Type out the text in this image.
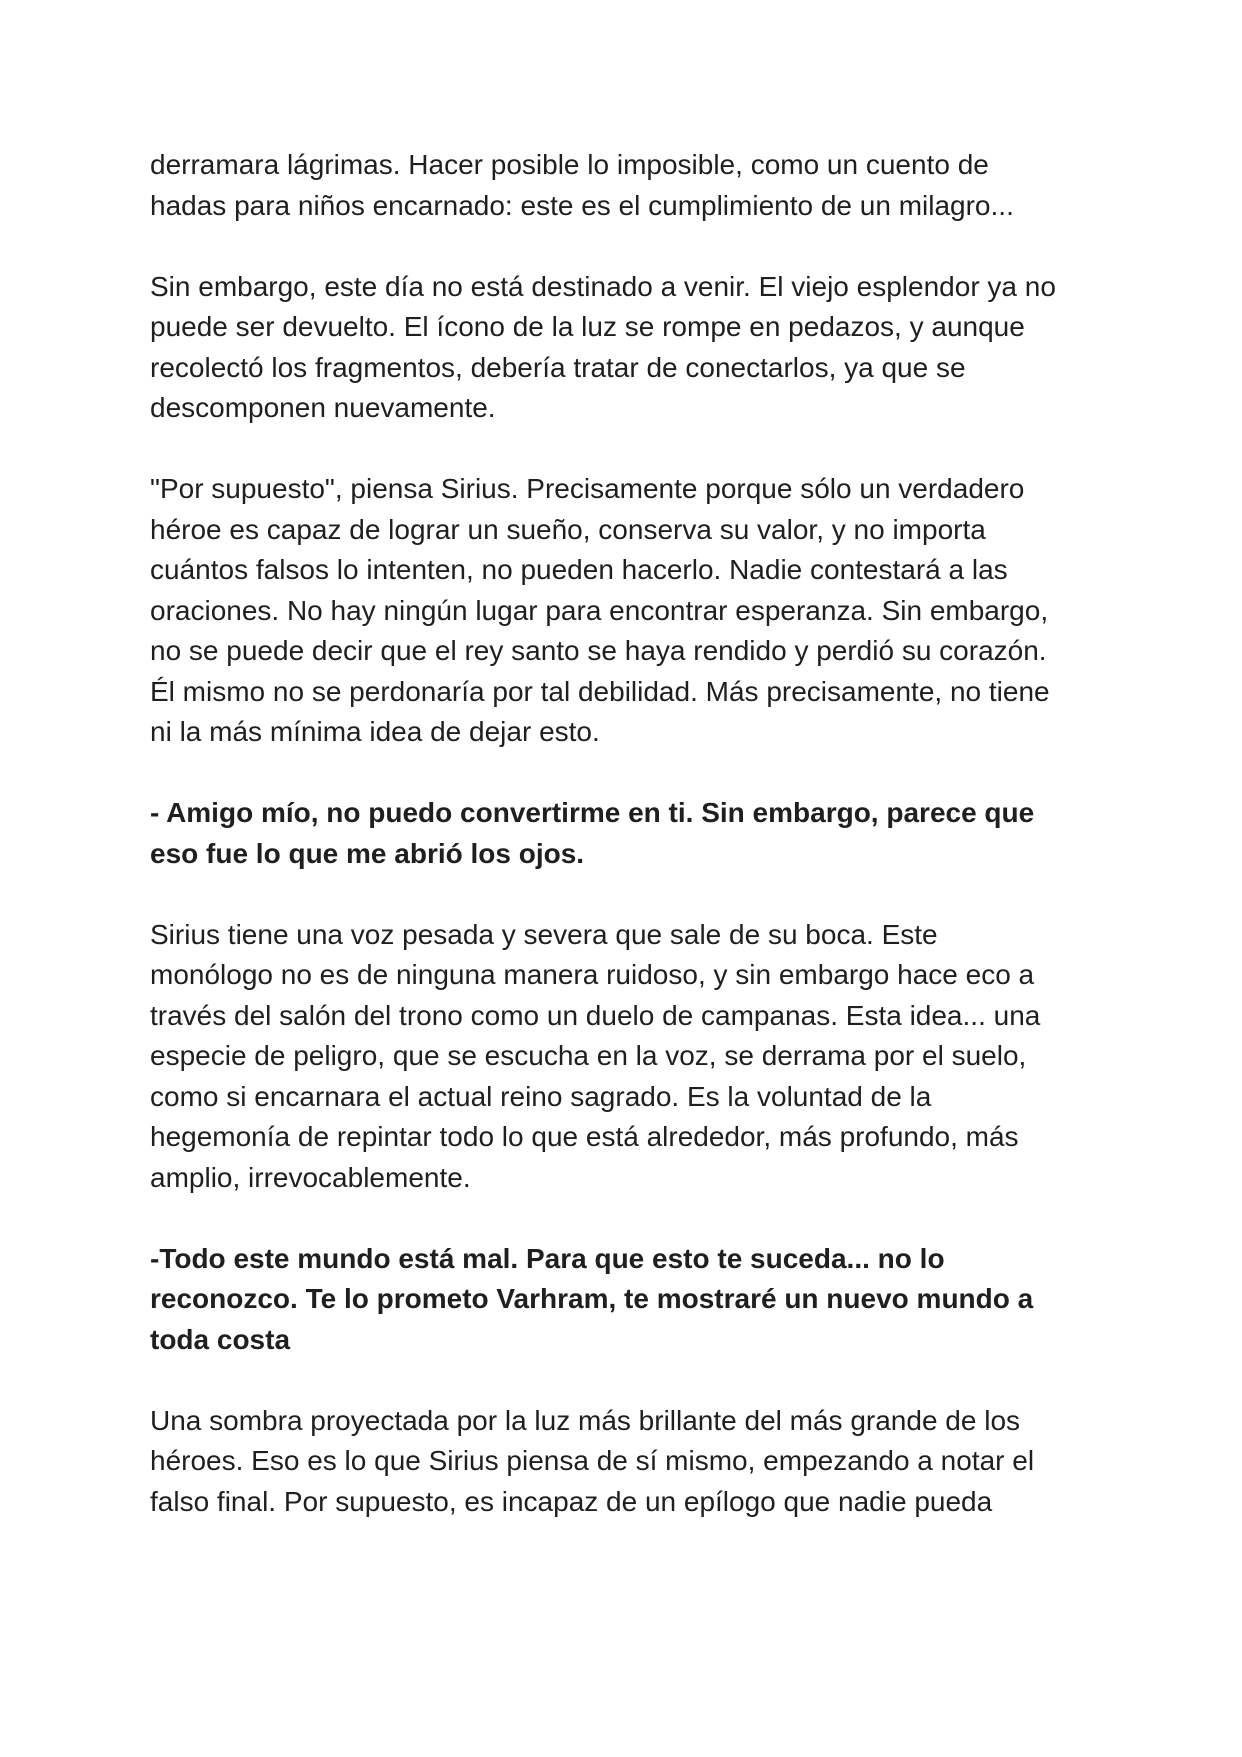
derramara lágrimas. Hacer posible lo imposible, como un cuento de
hadas para niños encarnado: este es el cumplimiento de un milagro...
Sin embargo, este día no está destinado a venir. El viejo esplendor ya no
puede ser devuelto. El ícono de la luz se rompe en pedazos, y aunque
recolectó los fragmentos, debería tratar de conectarlos, ya que se
descomponen nuevamente.
"Por supuesto", piensa Sirius. Precisamente porque sólo un verdadero
héroe es capaz de lograr un sueño, conserva su valor, y no importa
cuántos falsos lo intenten, no pueden hacerlo. Nadie contestará a las
oraciones. No hay ningún lugar para encontrar esperanza. Sin embargo,
no se puede decir que el rey santo se haya rendido y perdió su corazón.
Él mismo no se perdonaría por tal debilidad. Más precisamente, no tiene
ni la más mínima idea de dejar esto.
- Amigo mío, no puedo convertirme en ti. Sin embargo, parece que
eso fue lo que me abrió los ojos.
Sirius tiene una voz pesada y severa que sale de su boca. Este
monólogo no es de ninguna manera ruidoso, y sin embargo hace eco a
través del salón del trono como un duelo de campanas. Esta idea... una
especie de peligro, que se escucha en la voz, se derrama por el suelo,
como si encarnara el actual reino sagrado. Es la voluntad de la
hegemonía de repintar todo lo que está alrededor, más profundo, más
amplio, irrevocablemente.
-Todo este mundo está mal. Para que esto te suceda... no lo
reconozco. Te lo prometo Varhram, te mostraré un nuevo mundo a
toda costa
Una sombra proyectada por la luz más brillante del más grande de los
héroes. Eso es lo que Sirius piensa de sí mismo, empezando a notar el
falso final. Por supuesto, es incapaz de un epílogo que nadie pueda
